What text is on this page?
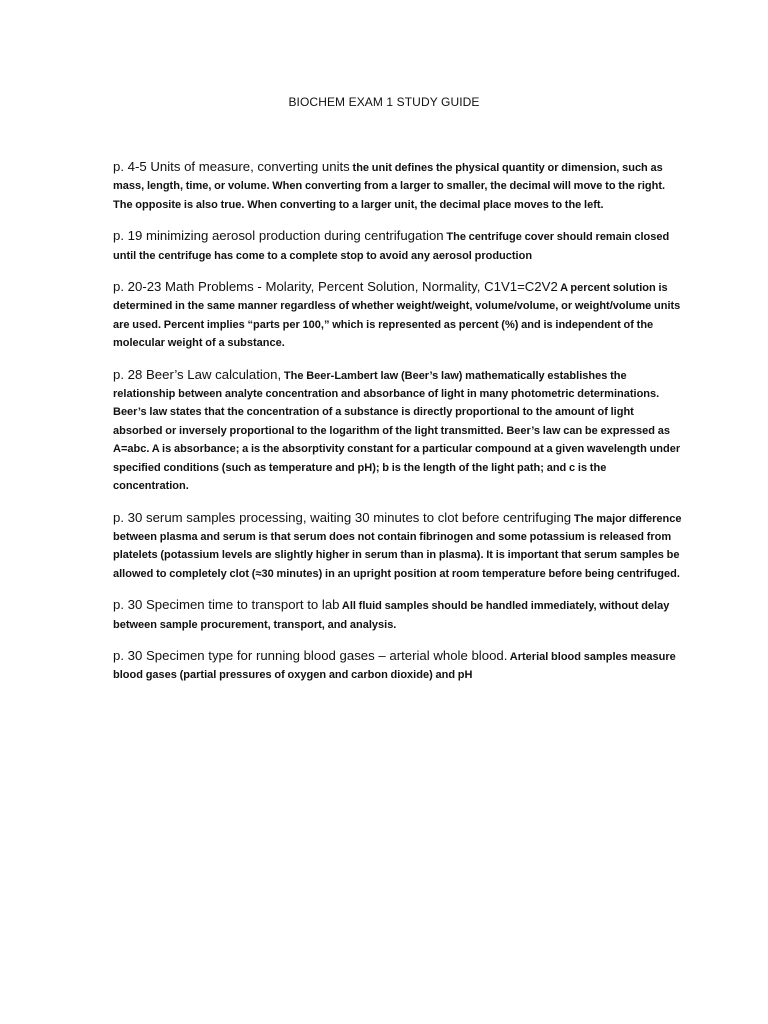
BIOCHEM EXAM 1 STUDY GUIDE

p. 4-5 Units of measure, converting units the unit defines the physical quantity or dimension, such as mass, length, time, or volume. When converting from a larger to smaller, the decimal will move to the right. The opposite is also true. When converting to a larger unit, the decimal place moves to the left.

p. 19 minimizing aerosol production during centrifugation The centrifuge cover should remain closed until the centrifuge has come to a complete stop to avoid any aerosol production

p. 20-23 Math Problems - Molarity, Percent Solution, Normality, C1V1=C2V2 A percent solution is determined in the same manner regardless of whether weight/weight, volume/volume, or weight/volume units are used. Percent implies “parts per 100,” which is represented as percent (%) and is independent of the molecular weight of a substance.

p. 28 Beer’s Law calculation, The Beer-Lambert law (Beer’s law) mathematically establishes the relationship between analyte concentration and absorbance of light in many photometric determinations. Beer’s law states that the concentration of a substance is directly proportional to the amount of light absorbed or inversely proportional to the logarithm of the light transmitted. Beer’s law can be expressed as A=abc. A is absorbance; a is the absorptivity constant for a particular compound at a given wavelength under specified conditions (such as temperature and pH); b is the length of the light path; and c is the concentration.

p. 30 serum samples processing, waiting 30 minutes to clot before centrifuging The major difference between plasma and serum is that serum does not contain fibrinogen and some potassium is released from platelets (potassium levels are slightly higher in serum than in plasma). It is important that serum samples be allowed to completely clot (≈30 minutes) in an upright position at room temperature before being centrifuged.

p. 30 Specimen time to transport to lab All fluid samples should be handled immediately, without delay between sample procurement, transport, and analysis.

p. 30 Specimen type for running blood gases – arterial whole blood. Arterial blood samples measure blood gases (partial pressures of oxygen and carbon dioxide) and pH
